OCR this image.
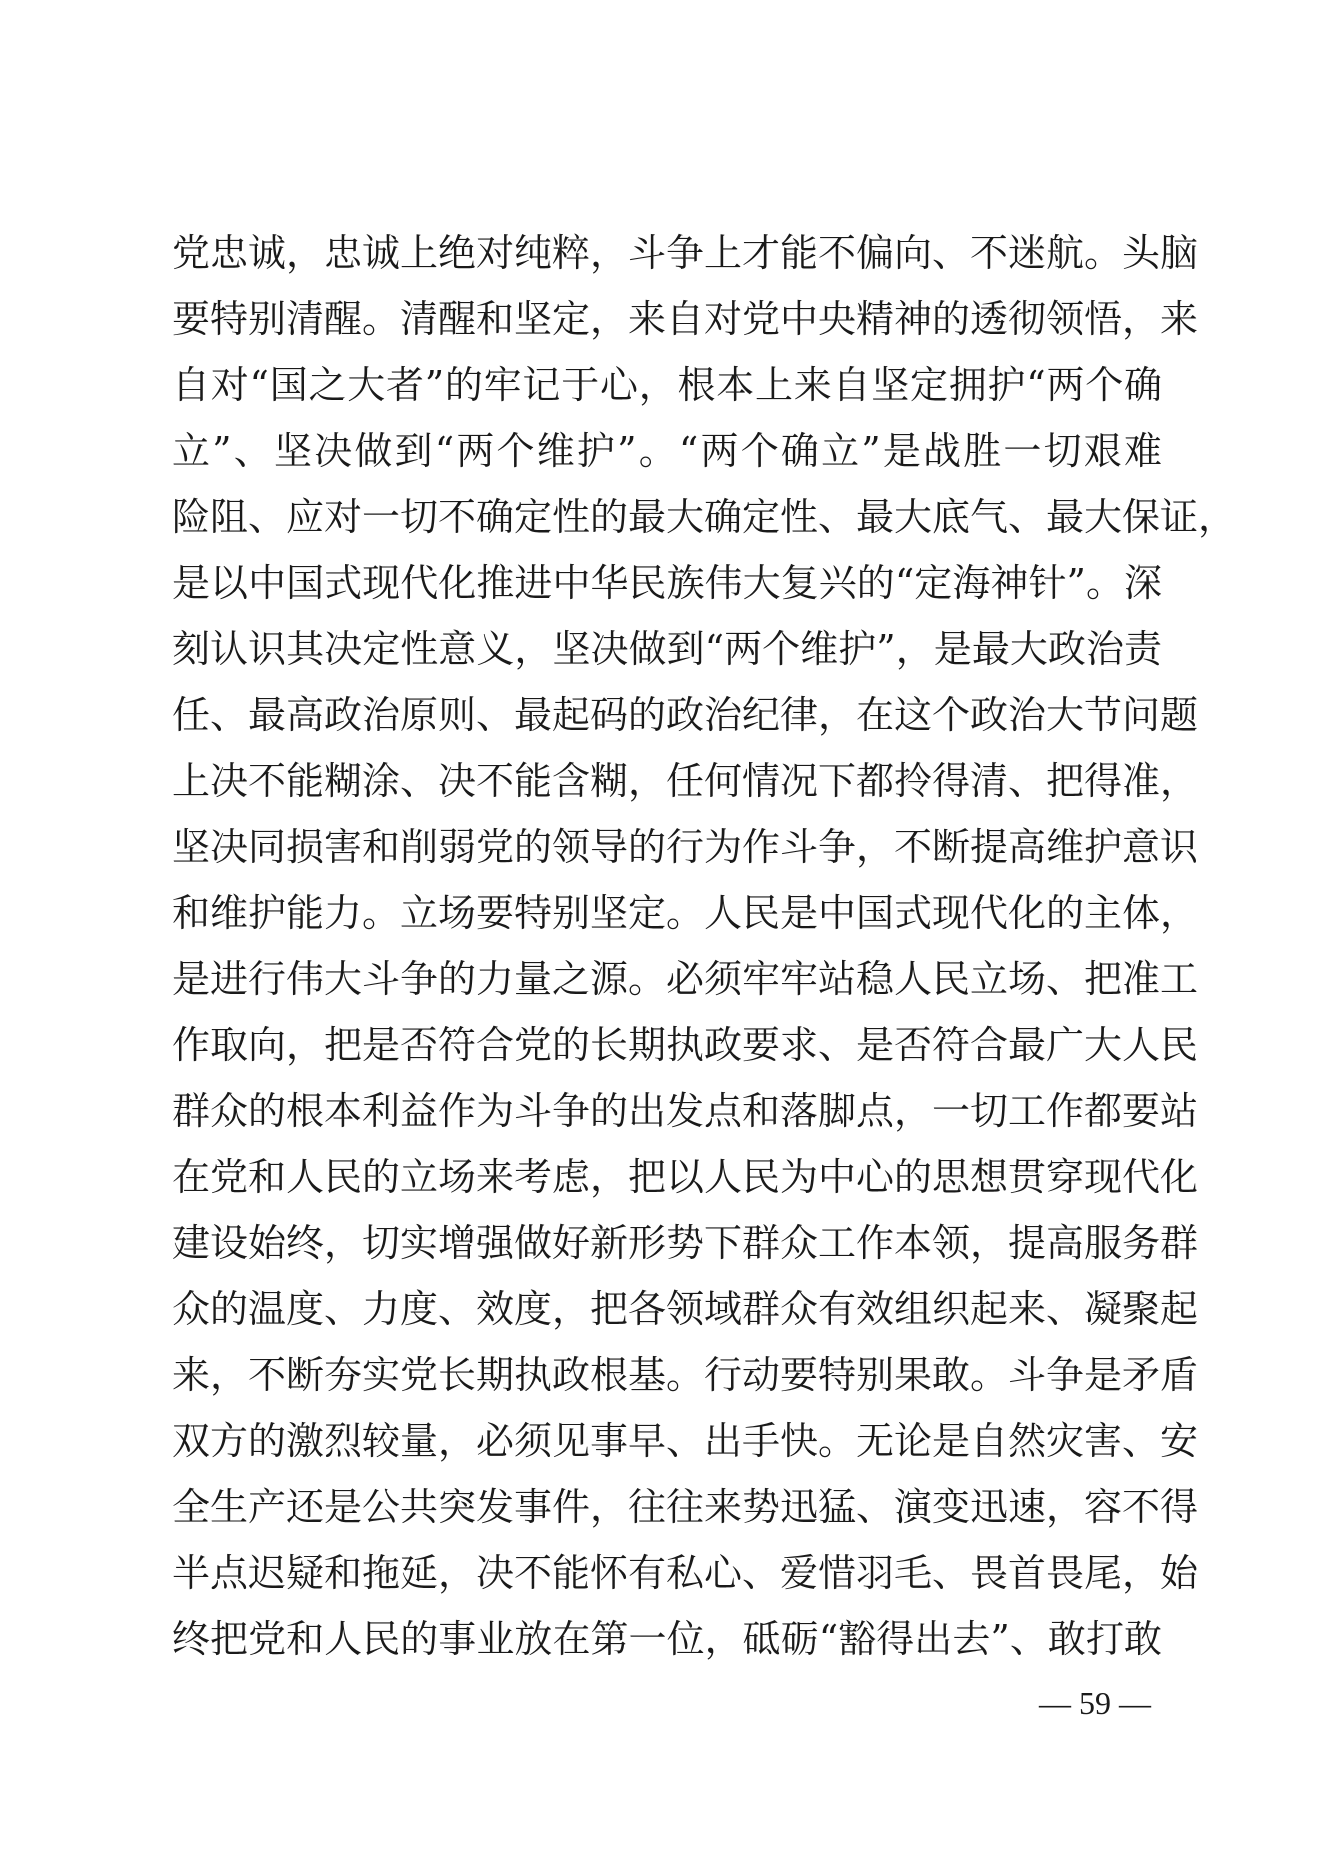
党忠诚，忠诚上绝对纯粹，斗争上才能不偏向、不迷航。头脑
要特别清醒。清醒和坚定，来自对党中央精神的透彻领悟，来
自对“国之大者”的牢记于心，根本上来自坚定拥护“两个确
立”、坚决做到“两个维护”。“两个确立”是战胜一切艰难
险阻、应对一切不确定性的最大确定性、最大底气、最大保证，
是以中国式现代化推进中华民族伟大复兴的“定海神针”。深
刻认识其决定性意义，坚决做到“两个维护”，是最大政治责
任、最高政治原则、最起码的政治纪律，在这个政治大节问题
上决不能糊涂、决不能含糊，任何情况下都拎得清、把得准，
坚决同损害和削弱党的领导的行为作斗争，不断提高维护意识
和维护能力。立场要特别坚定。人民是中国式现代化的主体，
是进行伟大斗争的力量之源。必须牢牢站稳人民立场、把准工
作取向，把是否符合党的长期执政要求、是否符合最广大人民
群众的根本利益作为斗争的出发点和落脚点，一切工作都要站
在党和人民的立场来考虑，把以人民为中心的思想贯穿现代化
建设始终，切实增强做好新形势下群众工作本领，提高服务群
众的温度、力度、效度，把各领域群众有效组织起来、凝聚起
来，不断夯实党长期执政根基。行动要特别果敢。斗争是矛盾
双方的激烈较量，必须见事早、出手快。无论是自然灾害、安
全生产还是公共突发事件，往往来势迅猛、演变迅速，容不得
半点迟疑和拖延，决不能怀有私心、爱惜羽毛、畏首畏尾，始
终把党和人民的事业放在第一位，砥砺“豁得出去”、敢打敢
— 59 —
